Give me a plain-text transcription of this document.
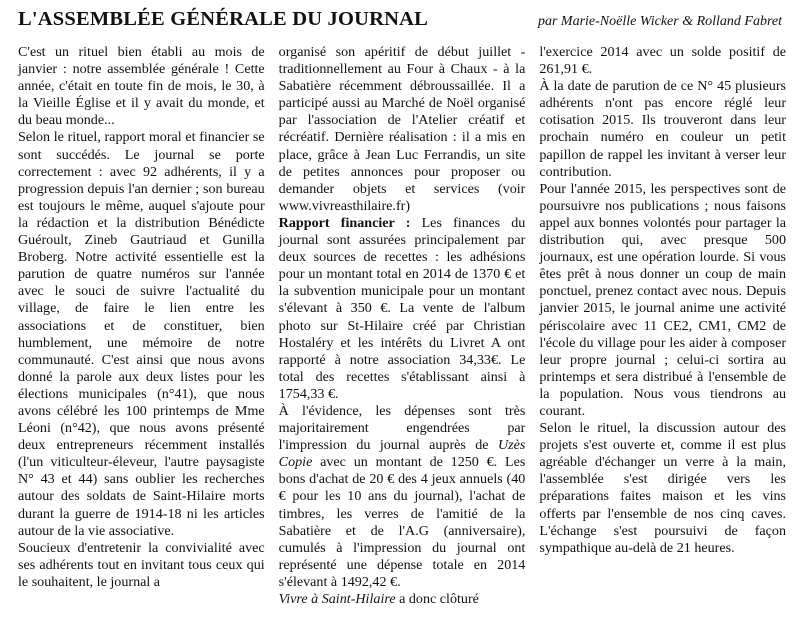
L'ASSEMBLÉE GÉNÉRALE DU JOURNAL	par Marie-Noëlle Wicker & Rolland Fabret

C'est un rituel bien établi au mois de janvier : notre assemblée générale ! Cette année, c'était en toute fin de mois, le 30, à la Vieille Église et il y avait du monde, et du beau monde...

Selon le rituel, rapport moral et financier se sont succédés. Le journal se porte correctement : avec 92 adhérents, il y a progression depuis l'an dernier ; son bureau est toujours le même, auquel s'ajoute pour la rédaction et la distribution Bénédicte Guéroult, Zineb Gautriaud et Gunilla Broberg. Notre activité essentielle est la parution de quatre numéros sur l'année avec le souci de suivre l'actualité du village, de faire le lien entre les associations et de constituer, bien humblement, une mémoire de notre communauté. C'est ainsi que nous avons donné la parole aux deux listes pour les élections municipales (n°41), que nous avons célébré les 100 printemps de Mme Léoni (n°42), que nous avons présenté deux entrepreneurs récemment installés (l'un viticulteur-éleveur, l'autre paysagiste N° 43 et 44) sans oublier les recherches autour des soldats de Saint-Hilaire morts durant la guerre de 1914-18 ni les articles autour de la vie associative.

Soucieux d'entretenir la convivialité avec ses adhérents tout en invitant tous ceux qui le souhaitent, le journal a

organisé son apéritif de début juillet - traditionnellement au Four à Chaux - à la Sabatière récemment débroussaillée. Il a participé aussi au Marché de Noël organisé par l'association de l'Atelier créatif et récréatif. Dernière réalisation : il a mis en place, grâce à Jean Luc Ferrandis, un site de petites annonces pour proposer ou demander objets et services (voir www.vivreasthilaire.fr)

Rapport financier : Les finances du journal sont assurées principalement par deux sources de recettes : les adhésions pour un montant total en 2014 de 1370 € et la subvention municipale pour un montant s'élevant à 350 €. La vente de l'album photo sur St-Hilaire créé par Christian Hostaléry et les intérêts du Livret A ont rapporté à notre association 34,33€. Le total des recettes s'établissant ainsi à 1754,33 €.

À l'évidence, les dépenses sont très majoritairement engendrées par l'impression du journal auprès de Uzès Copie avec un montant de 1250 €. Les bons d'achat de 20 € des 4 jeux annuels (40 € pour les 10 ans du journal), l'achat de timbres, les verres de l'amitié de la Sabatière et de l'A.G (anniversaire), cumulés à l'impression du journal ont représenté une dépense totale en 2014 s'élevant à 1492,42 €.

Vivre à Saint-Hilaire a donc clôturé

l'exercice 2014 avec un solde positif de 261,91 €.

À la date de parution de ce N° 45 plusieurs adhérents n'ont pas encore réglé leur cotisation 2015. Ils trouveront dans leur prochain numéro en couleur un petit papillon de rappel les invitant à verser leur contribution.

Pour l'année 2015, les perspectives sont de poursuivre nos publications ; nous faisons appel aux bonnes volontés pour partager la distribution qui, avec presque 500 journaux, est une opération lourde. Si vous êtes prêt à nous donner un coup de main ponctuel, prenez contact avec nous. Depuis janvier 2015, le journal anime une activité périscolaire avec 11 CE2, CM1, CM2 de l'école du village pour les aider à composer leur propre journal ; celui-ci sortira au printemps et sera distribué à l'ensemble de la population. Nous vous tiendrons au courant.

Selon le rituel, la discussion autour des projets s'est ouverte et, comme il est plus agréable d'échanger un verre à la main, l'assemblée s'est dirigée vers les préparations faites maison et les vins offerts par l'ensemble de nos cinq caves. L'échange s'est poursuivi de façon sympathique au-delà de 21 heures.
